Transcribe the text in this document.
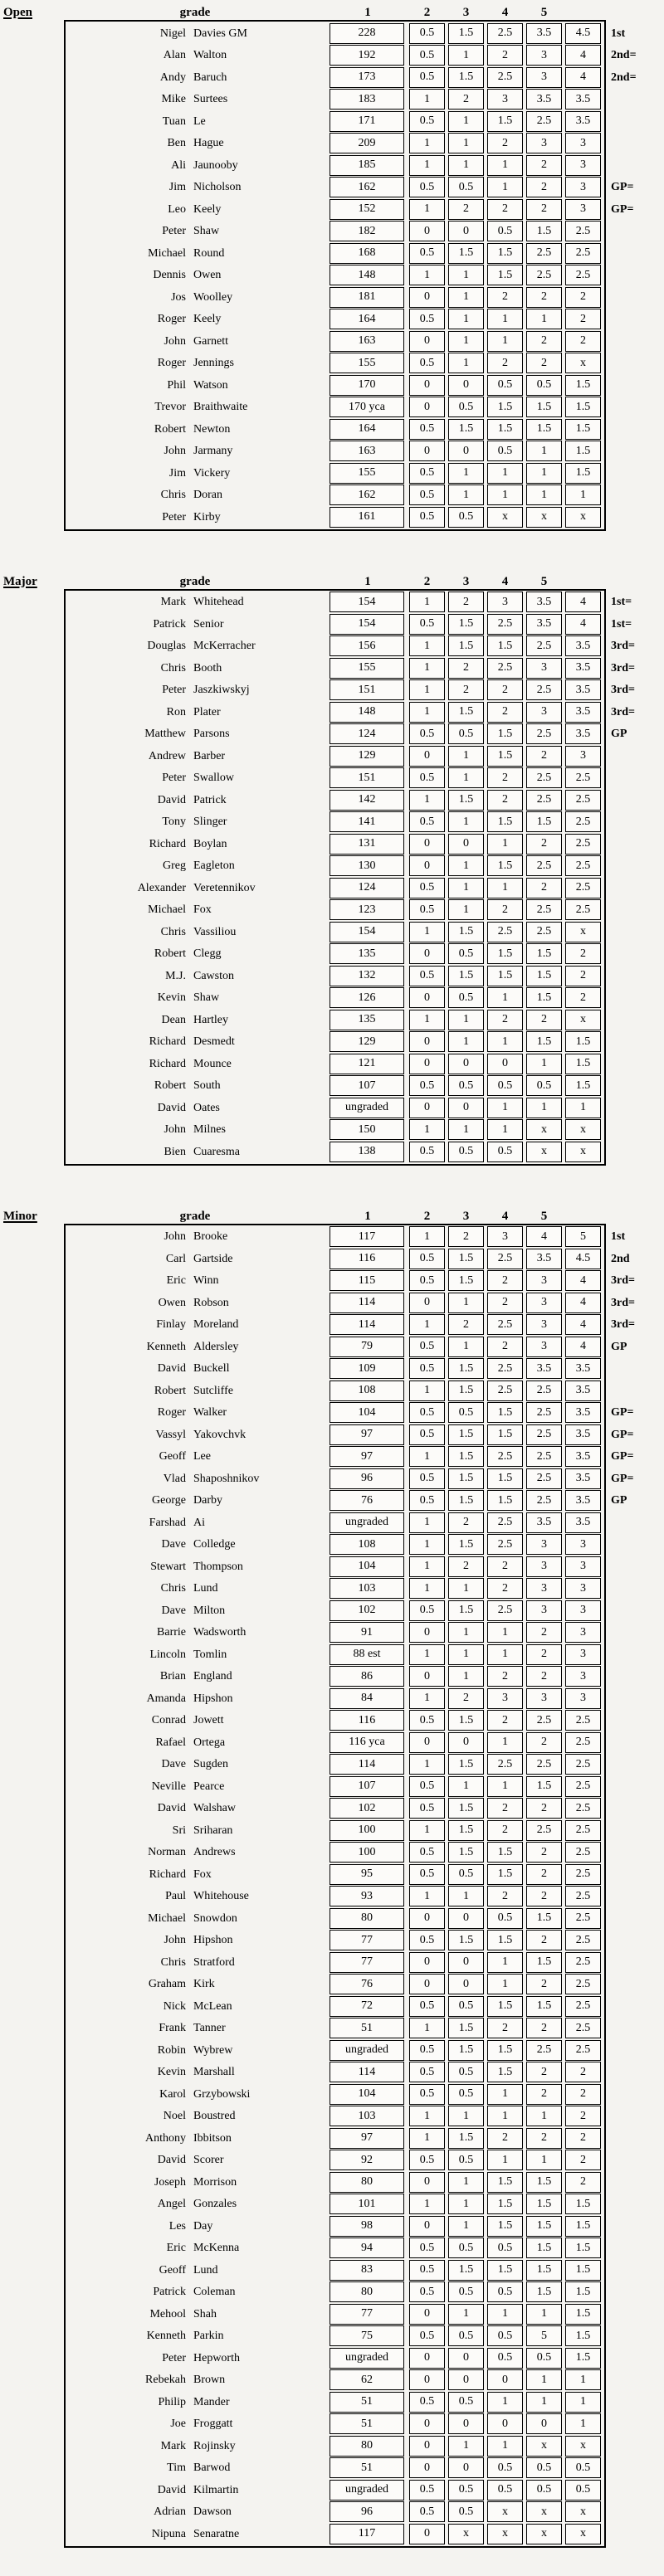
Open	grade	1	2	3	4	5
Nigel Davies GM	228	0.5	1.5	2.5	3.5	4.5	1st
Alan Walton	192	0.5	1	2	3	4	2nd=
Andy Baruch	173	0.5	1.5	2.5	3	4	2nd=
Mike Surtees	183	1	2	3	3.5	3.5
Tuan Le	171	0.5	1	1.5	2.5	3.5
Ben Hague	209	1	1	2	3	3
Ali Jaunooby	185	1	1	1	2	3
Jim Nicholson	162	0.5	0.5	1	2	3	GP=
Leo Keely	152	1	2	2	2	3	GP=
Peter Shaw	182	0	0	0.5	1.5	2.5
Michael Round	168	0.5	1.5	1.5	2.5	2.5
Dennis Owen	148	1	1	1.5	2.5	2.5
Jos Woolley	181	0	1	2	2	2
Roger Keely	164	0.5	1	1	1	2
John Garnett	163	0	1	1	2	2
Roger Jennings	155	0.5	1	2	2	x
Phil Watson	170	0	0	0.5	0.5	1.5
Trevor Braithwaite	170 yca	0	0.5	1.5	1.5	1.5
Robert Newton	164	0.5	1.5	1.5	1.5	1.5
John Jarmany	163	0	0	0.5	1	1.5
Jim Vickery	155	0.5	1	1	1	1.5
Chris Doran	162	0.5	1	1	1	1
Peter Kirby	161	0.5	0.5	x	x	x
Major	grade	1	2	3	4	5
Mark Whitehead	154	1	2	3	3.5	4	1st=
Patrick Senior	154	0.5	1.5	2.5	3.5	4	1st=
Douglas McKerracher	156	1	1.5	1.5	2.5	3.5	3rd=
Chris Booth	155	1	2	2.5	3	3.5	3rd=
Peter Jaszkiwskyj	151	1	2	2	2.5	3.5	3rd=
Ron Plater	148	1	1.5	2	3	3.5	3rd=
Matthew Parsons	124	0.5	0.5	1.5	2.5	3.5	GP
Andrew Barber	129	0	1	1.5	2	3
Peter Swallow	151	0.5	1	2	2.5	2.5
David Patrick	142	1	1.5	2	2.5	2.5
Tony Slinger	141	0.5	1	1.5	1.5	2.5
Richard Boylan	131	0	0	1	2	2.5
Greg Eagleton	130	0	1	1.5	2.5	2.5
Alexander Veretennikov	124	0.5	1	1	2	2.5
Michael Fox	123	0.5	1	2	2.5	2.5
Chris Vassiliou	154	1	1.5	2.5	2.5	x
Robert Clegg	135	0	0.5	1.5	1.5	2
M.J. Cawston	132	0.5	1.5	1.5	1.5	2
Kevin Shaw	126	0	0.5	1	1.5	2
Dean Hartley	135	1	1	2	2	x
Richard Desmedt	129	0	1	1	1.5	1.5
Richard Mounce	121	0	0	0	1	1.5
Robert South	107	0.5	0.5	0.5	0.5	1.5
David Oates	ungraded	0	0	1	1	1
John Milnes	150	1	1	1	x	x
Bien Cuaresma	138	0.5	0.5	0.5	x	x
Minor	grade	1	2	3	4	5
John Brooke	117	1	2	3	4	5	1st
Carl Gartside	116	0.5	1.5	2.5	3.5	4.5	2nd
Eric Winn	115	0.5	1.5	2	3	4	3rd=
Owen Robson	114	0	1	2	3	4	3rd=
Finlay Moreland	114	1	2	2.5	3	4	3rd=
Kenneth Aldersley	79	0.5	1	2	3	4	GP
David Buckell	109	0.5	1.5	2.5	3.5	3.5
Robert Sutcliffe	108	1	1.5	2.5	2.5	3.5
Roger Walker	104	0.5	0.5	1.5	2.5	3.5	GP=
Vassyl Yakovchvk	97	0.5	1.5	1.5	2.5	3.5	GP=
Geoff Lee	97	1	1.5	2.5	2.5	3.5	GP=
Vlad Shaposhnikov	96	0.5	1.5	1.5	2.5	3.5	GP=
George Darby	76	0.5	1.5	1.5	2.5	3.5	GP
Farshad Ai	ungraded	1	2	2.5	3.5	3.5
Dave Colledge	108	1	1.5	2.5	3	3
Stewart Thompson	104	1	2	2	3	3
Chris Lund	103	1	1	2	3	3
Dave Milton	102	0.5	1.5	2.5	3	3
Barrie Wadsworth	91	0	1	1	2	3
Lincoln Tomlin	88 est	1	1	1	2	3
Brian England	86	0	1	2	2	3
Amanda Hipshon	84	1	2	3	3	3
Conrad Jowett	116	0.5	1.5	2	2.5	2.5
Rafael Ortega	116 yca	0	0	1	2	2.5
Dave Sugden	114	1	1.5	2.5	2.5	2.5
Neville Pearce	107	0.5	1	1	1.5	2.5
David Walshaw	102	0.5	1.5	2	2	2.5
Sri Sriharan	100	1	1.5	2	2.5	2.5
Norman Andrews	100	0.5	1.5	1.5	2	2.5
Richard Fox	95	0.5	0.5	1.5	2	2.5
Paul Whitehouse	93	1	1	2	2	2.5
Michael Snowdon	80	0	0	0.5	1.5	2.5
John Hipshon	77	0.5	1.5	1.5	2	2.5
Chris Stratford	77	0	0	1	1.5	2.5
Graham Kirk	76	0	0	1	2	2.5
Nick McLean	72	0.5	0.5	1.5	1.5	2.5
Frank Tanner	51	1	1.5	2	2	2.5
Robin Wybrew	ungraded	0.5	1.5	1.5	2.5	2.5
Kevin Marshall	114	0.5	0.5	1.5	2	2
Karol Grzybowski	104	0.5	0.5	1	2	2
Noel Boustred	103	1	1	1	1	2
Anthony Ibbitson	97	1	1.5	2	2	2
David Scorer	92	0.5	0.5	1	1	2
Joseph Morrison	80	0	1	1.5	1.5	2
Angel Gonzales	101	1	1	1.5	1.5	1.5
Les Day	98	0	1	1.5	1.5	1.5
Eric McKenna	94	0.5	0.5	0.5	1.5	1.5
Geoff Lund	83	0.5	1.5	1.5	1.5	1.5
Patrick Coleman	80	0.5	0.5	0.5	1.5	1.5
Mehool Shah	77	0	1	1	1	1.5
Kenneth Parkin	75	0.5	0.5	0.5	5	1.5
Peter Hepworth	ungraded	0	0	0.5	0.5	1.5
Rebekah Brown	62	0	0	0	1	1
Philip Mander	51	0.5	0.5	1	1	1
Joe Froggatt	51	0	0	0	0	1
Mark Rojinsky	80	0	1	1	x	x
Tim Barwod	51	0	0	0.5	0.5	0.5
David Kilmartin	ungraded	0.5	0.5	0.5	0.5	0.5
Adrian Dawson	96	0.5	0.5	x	x	x
Nipuna Senaratne	117	0	x	x	x	x
